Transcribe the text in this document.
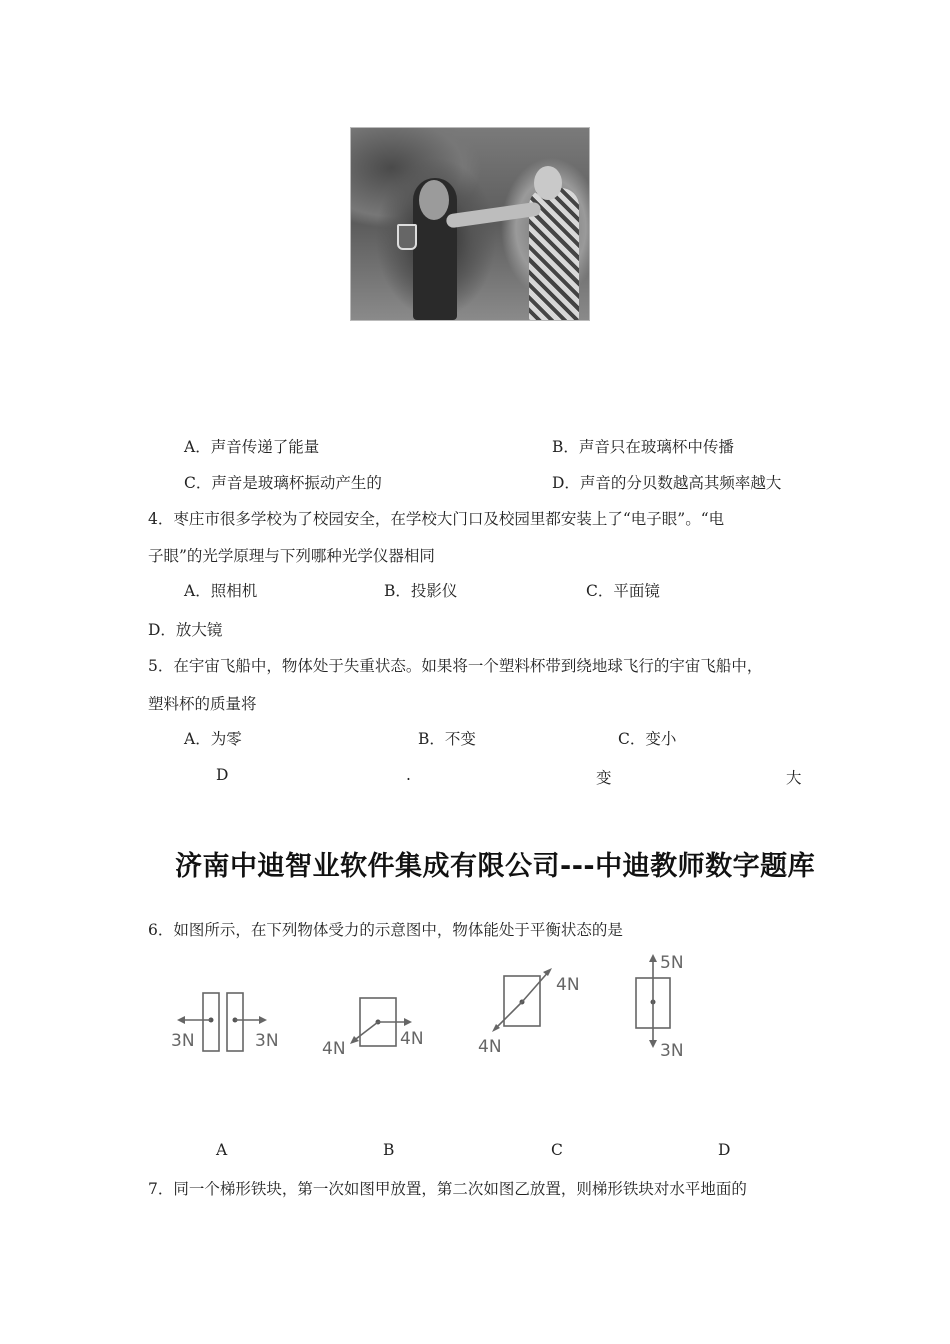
A．声音传递了能量	B．声音只在玻璃杯中传播
C．声音是玻璃杯振动产生的	D．声音的分贝数越高其频率越大
4．枣庄市很多学校为了校园安全，在学校大门口及校园里都安装上了“电子眼”。“电
子眼”的光学原理与下列哪种光学仪器相同
A．照相机	B．投影仪	C．平面镜
D．放大镜
5．在宇宙飞船中，物体处于失重状态。如果将一个塑料杯带到绕地球飞行的宇宙飞船中，
塑料杯的质量将
A．为零	B．不变	C．变小
D	.	变	大
济南中迪智业软件集成有限公司---中迪教师数字题库
6．如图所示，在下列物体受力的示意图中，物体能处于平衡状态的是
3N	3N	4N	4N
4N
4N
5N
3N
A	B	C	D
7．同一个梯形铁块，第一次如图甲放置，第二次如图乙放置，则梯形铁块对水平地面的
